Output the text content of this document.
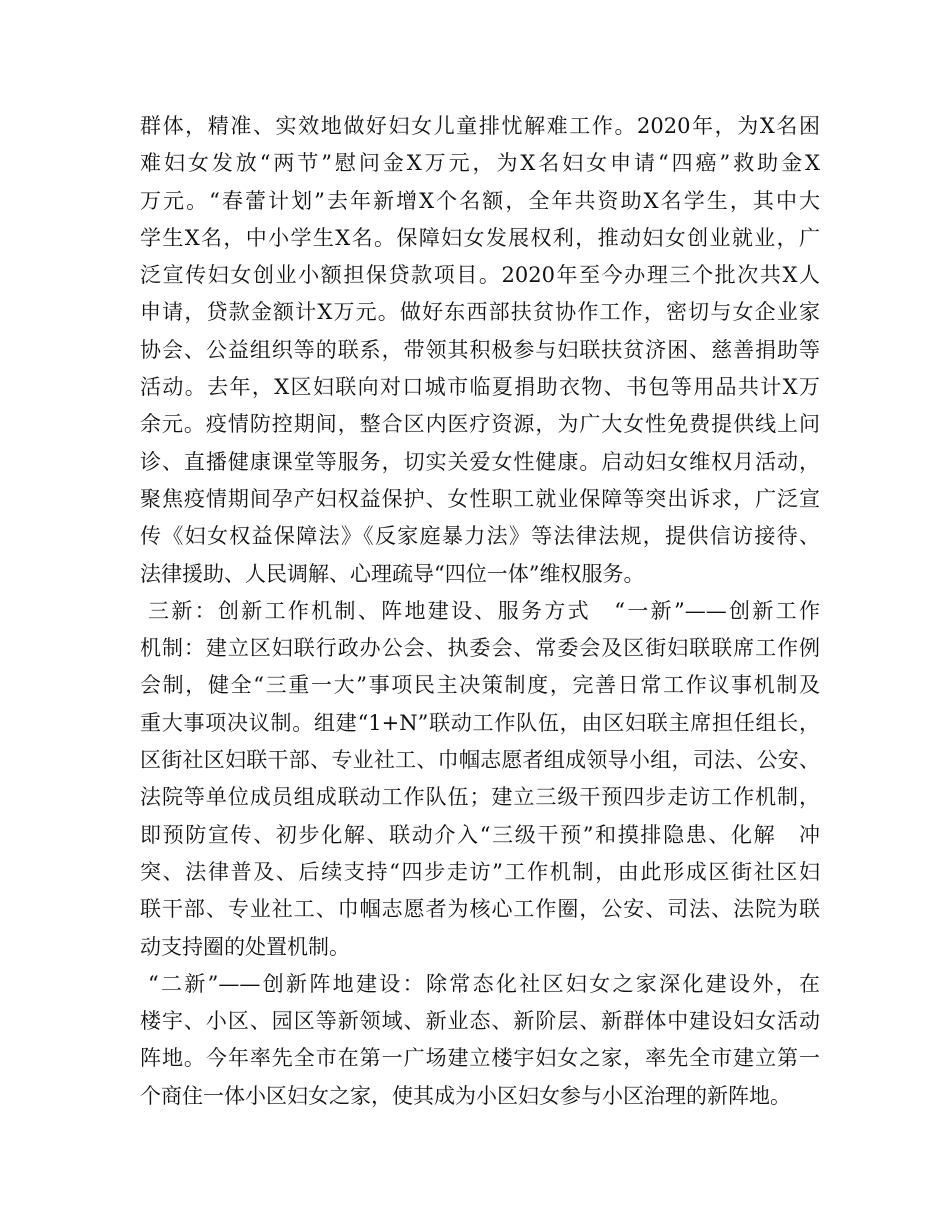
群体，精准、实效地做好妇女儿童排忧解难工作。2020年，为X名困
难妇女发放“两节”慰问金X万元，为X名妇女申请“四癌”救助金X
万元。“春蕾计划”去年新增X个名额，全年共资助X名学生，其中大
学生X名，中小学生X名。保障妇女发展权利，推动妇女创业就业，广
泛宣传妇女创业小额担保贷款项目。2020年至今办理三个批次共X人
申请，贷款金额计X万元。做好东西部扶贫协作工作，密切与女企业家
协会、公益组织等的联系，带领其积极参与妇联扶贫济困、慈善捐助等
活动。去年，X区妇联向对口城市临夏捐助衣物、书包等用品共计X万
余元。疫情防控期间，整合区内医疗资源，为广大女性免费提供线上问
诊、直播健康课堂等服务，切实关爱女性健康。启动妇女维权月活动，
聚焦疫情期间孕产妇权益保护、女性职工就业保障等突出诉求，广泛宣
传《妇女权益保障法》《反家庭暴力法》等法律法规，提供信访接待、
法律援助、人民调解、心理疏导“四位一体”维权服务。
三新：创新工作机制、阵地建设、服务方式　“一新”——创新工作
机制：建立区妇联行政办公会、执委会、常委会及区街妇联联席工作例
会制，健全“三重一大”事项民主决策制度，完善日常工作议事机制及
重大事项决议制。组建“1+N”联动工作队伍，由区妇联主席担任组长，
区街社区妇联干部、专业社工、巾帼志愿者组成领导小组，司法、公安、
法院等单位成员组成联动工作队伍；建立三级干预四步走访工作机制，
即预防宣传、初步化解、联动介入“三级干预”和摸排隐患、化解　冲
突、法律普及、后续支持“四步走访”工作机制，由此形成区街社区妇
联干部、专业社工、巾帼志愿者为核心工作圈，公安、司法、法院为联
动支持圈的处置机制。
“二新”——创新阵地建设：除常态化社区妇女之家深化建设外，在
楼宇、小区、园区等新领域、新业态、新阶层、新群体中建设妇女活动
阵地。今年率先全市在第一广场建立楼宇妇女之家，率先全市建立第一
个商住一体小区妇女之家，使其成为小区妇女参与小区治理的新阵地。
